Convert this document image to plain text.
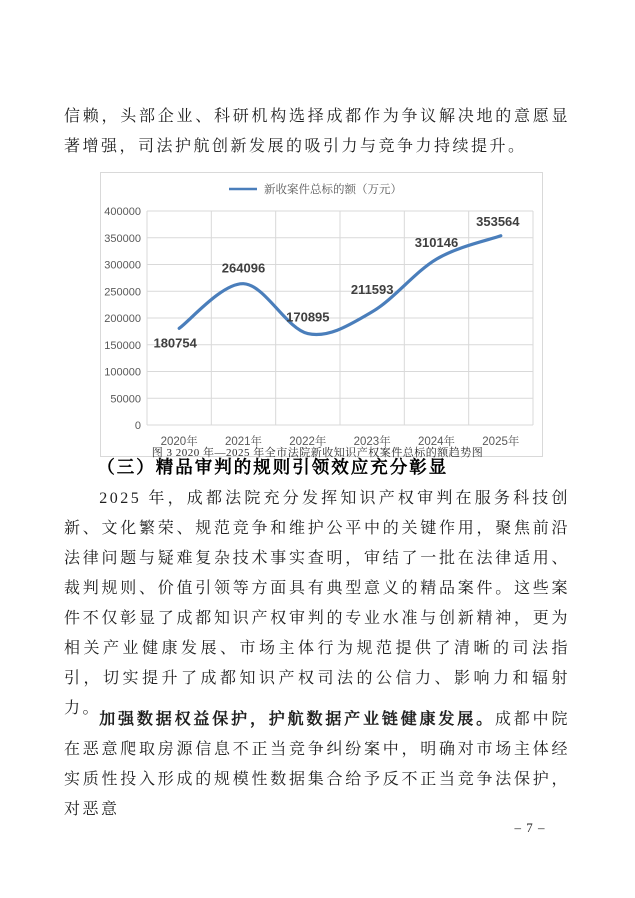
信赖，头部企业、科研机构选择成都作为争议解决地的意愿显著增强，司法护航创新发展的吸引力与竞争力持续提升。

0
50000
100000
150000
200000
250000
300000
350000
400000
2020年 2021年 2022年 2023年 2024年 2025年
新收案件总标的额（万元）
180754
264096
170895
211593
310146
353564
图 3 2020 年—2025 年全市法院新收知识产权案件总标的额趋势图
（三）精品审判的规则引领效应充分彰显

2025 年，成都法院充分发挥知识产权审判在服务科技创新、文化繁荣、规范竞争和维护公平中的关键作用，聚焦前沿法律问题与疑难复杂技术事实查明，审结了一批在法律适用、裁判规则、价值引领等方面具有典型意义的精品案件。这些案件不仅彰显了成都知识产权审判的专业水准与创新精神，更为相关产业健康发展、市场主体行为规范提供了清晰的司法指引，切实提升了成都知识产权司法的公信力、影响力和辐射力。

加强数据权益保护，护航数据产业链健康发展。成都中院在恶意爬取房源信息不正当竞争纠纷案中，明确对市场主体经实质性投入形成的规模性数据集合给予反不正当竞争法保护，对恶意

– 7 –
